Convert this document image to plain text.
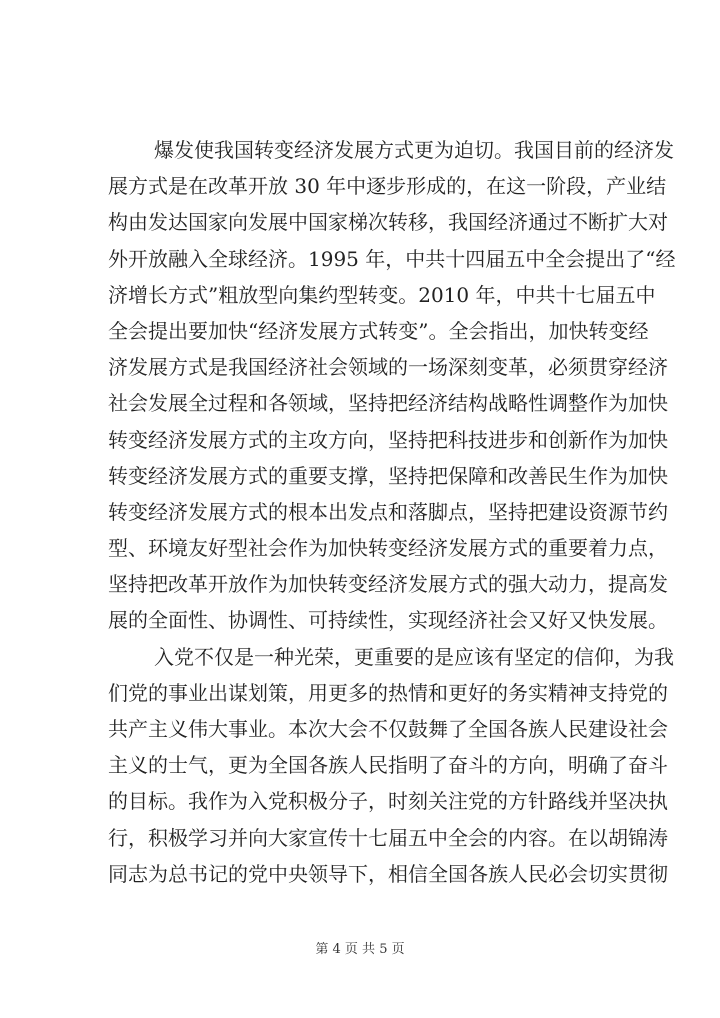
爆发使我国转变经济发展方式更为迫切。我国目前的经济发
展方式是在改革开放 30 年中逐步形成的，在这一阶段，产业结
构由发达国家向发展中国家梯次转移，我国经济通过不断扩大对
外开放融入全球经济。1995 年，中共十四届五中全会提出了“经
济增长方式”粗放型向集约型转变。2010 年，中共十七届五中
全会提出要加快“经济发展方式转变”。全会指出，加快转变经
济发展方式是我国经济社会领域的一场深刻变革，必须贯穿经济
社会发展全过程和各领域，坚持把经济结构战略性调整作为加快
转变经济发展方式的主攻方向，坚持把科技进步和创新作为加快
转变经济发展方式的重要支撑，坚持把保障和改善民生作为加快
转变经济发展方式的根本出发点和落脚点，坚持把建设资源节约
型、环境友好型社会作为加快转变经济发展方式的重要着力点，
坚持把改革开放作为加快转变经济发展方式的强大动力，提高发
展的全面性、协调性、可持续性，实现经济社会又好又快发展。
入党不仅是一种光荣，更重要的是应该有坚定的信仰，为我
们党的事业出谋划策，用更多的热情和更好的务实精神支持党的
共产主义伟大事业。本次大会不仅鼓舞了全国各族人民建设社会
主义的士气，更为全国各族人民指明了奋斗的方向，明确了奋斗
的目标。我作为入党积极分子，时刻关注党的方针路线并坚决执
行，积极学习并向大家宣传十七届五中全会的内容。在以胡锦涛
同志为总书记的党中央领导下，相信全国各族人民必会切实贯彻
第 4 页 共 5 页
